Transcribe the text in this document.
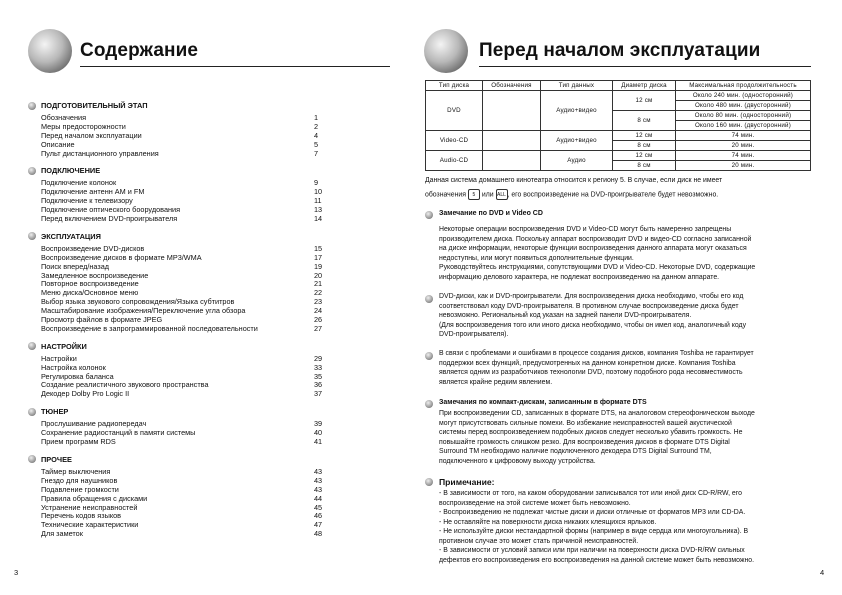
Содержание
ПОДГОТОВИТЕЛЬНЫЙ ЭТАП
Обозначения	1
Меры предосторожности	2
Перед началом эксплуатации	4
Описание	5
Пульт дистанционного управления	7
ПОДКЛЮЧЕНИЕ
Подключение колонок	9
Подключение антенн AM и FM	10
Подключение к телевизору	11
Подключение оптического боорудования	13
Перед включением DVD-проигрывателя	14
ЭКСПЛУАТАЦИЯ
Воспроизведение DVD-дисков	15
Воспроизведение дисков в формате MP3/WMA	17
Поиск вперед/назад	19
Замедленное воспроизведение	20
Повторное воспроизведение	21
Меню диска/Основное меню	22
Выбор языка звукового сопровождения/Языка субтитров	23
Масштабирование изображения/Переключение угла обзора	24
Просмотр файлов в формате JPEG	26
Воспроизведение в запрограммированной последовательности	27
НАСТРОЙКИ
Настройки	29
Настройка колонок	33
Регулировка баланса	35
Создание реалистичного звукового пространства	36
Декодер Dolby Pro Logic II	37
ТЮНЕР
Прослушивание радиопередач	39
Сохранение радиостанций в памяти системы	40
Прием программ RDS	41
ПРОЧЕЕ
Таймер выключения	43
Гнездо для наушников	43
Подавление громкости	43
Правила обращения с дисками	44
Устранение неисправностей	45
Перечень кодов языков	46
Технические характеристики	47
Для заметок	48
3
Перед началом эксплуатации
Тип диска	Обозначения	Тип данных	Диаметр диска	Максимальная продолжительность
DVD		Аудио+видео	12 см	Около 240 мин. (односторонний)
				Около 480 мин. (двусторонний)
			8 см	Около 80 мин. (односторонний)
				Около 160 мин. (двусторонний)
Video-CD		Аудио+видео	12 см	74 мин.
			8 см	20 мин.
Audio-CD		Аудио	12 см	74 мин.
			8 см	20 мин.
Данная система домашнего кинотеатра относится к региону 5. В случае, если диск не имеет
обозначения 5 или ALL , его воспроизведение на DVD-проигрывателе будет невозможно.
Замечание по DVD и Video CD
Некоторые операции воспроизведения DVD и Video-CD могут быть намеренно запрещены
производителем диска. Поскольку аппарат воспроизводит DVD и видео-CD согласно записанной
на диске информации, некоторые функции воспроизведения данного аппарата могут оказаться
недоступны, или могут появиться дополнительные функции.
Руководствуйтесь инструкциями, сопутствующими DVD и Video-CD. Некоторые DVD, содержащие
информацию делового характера, не подлежат воспроизведению на данном аппарате.
DVD-диски, как и DVD-проигрыватели. Для воспроизведения диска необходимо, чтобы его код
соответствовал коду DVD-проигрывателя. В противном случае воспроизведение диска будет
невозможно. Региональный код указан на задней панели DVD-проигрывателя.
(Для воспроизведения того или иного диска необходимо, чтобы он имел код, аналогичный коду
DVD-проигрывателя).
В связи с проблемами и ошибками в процессе создания дисков, компания Toshiba не гарантирует
поддержки всех функций, предусмотренных на данном конкретном диске. Компания Toshiba
является одним из разработчиков технологии DVD, поэтому подобного рода несовместимость
является крайне редким явлением.
Замечания по компакт-дискам, записанным в формате DTS
При воспроизведении CD, записанных в формате DTS, на аналоговом стереофоническом выходе
могут присутствовать сильные помехи. Во избежание неисправностей вашей акустической
системы перед воспроизведением подобных дисков следует несколько убавить громкость. Не
повышайте громкость слишком резко. Для воспроизведения дисков в формате DTS Digital
Surround TM необходимо наличие подключенного декодера DTS Digital Surround TM,
подключенного к цифровому выходу устройства.
Примечание:
- В зависимости от того, на каком оборудовании записывался тот или иной диск CD-R/RW, его
воспроизведение на этой системе может быть невозможно.
- Воспроизведению не подлежат чистые диски и диски отличные от форматов MP3 или CD-DA.
- Не оставляйте на поверхности диска никаких клеящихся ярлыков.
- Не используйте диски нестандартной формы (например в виде сердца или многоугольника). В
противном случае это может стать причиной неисправностей.
- В зависимости от условий записи или при наличии на поверхности диска DVD-R/RW сильных
дефектов его воспроизведения его воспроизведения на данной системе может быть невозможно.
4
